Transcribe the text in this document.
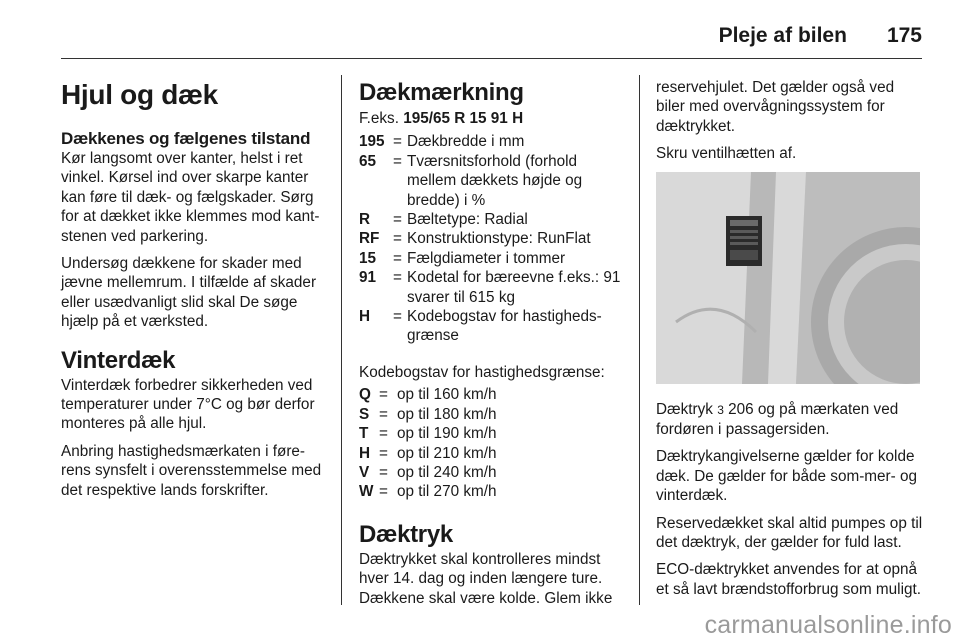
Pleje af bilen 175
Hjul og dæk
Dækkenes og fælgenes tilstand

Kør langsomt over kanter, helst i ret vinkel. Kørsel ind over skarpe kanter kan føre til dæk- og fælgskader. Sørg for at dækket ikke klemmes mod kant-stenen ved parkering.

Undersøg dækkene for skader med jævne mellemrum. I tilfælde af skader eller usædvanligt slid skal De søge hjælp på et værksted.

Vinterdæk

Vinterdæk forbedrer sikkerheden ved temperaturer under 7°C og bør derfor monteres på alle hjul.

Anbring hastighedsmærkaten i føre-rens synsfelt i overensstemmelse med det respektive lands forskrifter.

Dækmærkning

F.eks. 195/65 R 15 91 H

195 = Dækbredde i mm
65	= Tværsnitsforhold (forhold mellem dækkets højde og bredde) i %
R	= Bæltetype: Radial
RF = Konstruktionstype: RunFlat
15	= Fælgdiameter i tommer
91	= Kodetal for bæreevne f.eks.: 91 svarer til 615 kg
H	= Kodebogstav for hastigheds-grænse

Kodebogstav for hastighedsgrænse:

Q = op til 160 km/h
S = op til 180 km/h
T = op til 190 km/h
H = op til 210 km/h
V = op til 240 km/h
W = op til 270 km/h
Dæktryk

Dæktrykket skal kontrolleres mindst hver 14. dag og inden længere ture. Dækkene skal være kolde. Glem ikke

reservehjulet. Det gælder også ved biler med overvågningssystem for dæktrykket.

Skru ventilhætten af.

Dæktryk 3 206 og på mærkaten ved fordøren i passagersiden.

Dæktrykangivelserne gælder for kolde dæk. De gælder for både som-mer- og vinterdæk.

Reservedækket skal altid pumpes op til det dæktryk, der gælder for fuld last.

ECO-dæktrykket anvendes for at opnå et så lavt brændstofforbrug som muligt.

carmanualsonline.info
